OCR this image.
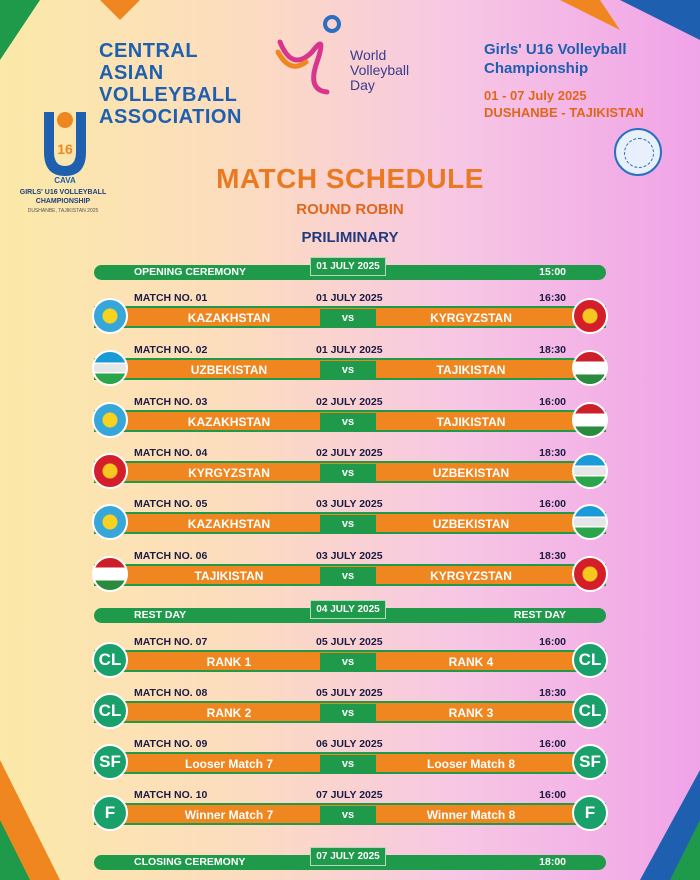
CENTRAL
ASIAN
VOLLEYBALL
ASSOCIATION
16
CAVA
GIRLS' U16 VOLLEYBALL
CHAMPIONSHIP
DUSHANBE, TAJIKISTAN 2025
World
Volleyball
Day
Girls' U16 Volleyball
Championship
01 - 07 July 2025
DUSHANBE - TAJIKISTAN
MATCH SCHEDULE
ROUND ROBIN
PRILIMINARY
OPENING CEREMONY	01 JULY 2025	15:00
MATCH NO. 01	01 JULY 2025	16:30
KAZAKHSTAN	vs	KYRGYZSTAN
MATCH NO. 02	01 JULY 2025	18:30
UZBEKISTAN	vs	TAJIKISTAN
MATCH NO. 03	02 JULY 2025	16:00
KAZAKHSTAN	vs	TAJIKISTAN
MATCH NO. 04	02 JULY 2025	18:30
KYRGYZSTAN	vs	UZBEKISTAN
MATCH NO. 05	03 JULY 2025	16:00
KAZAKHSTAN	vs	UZBEKISTAN
MATCH NO. 06	03 JULY 2025	18:30
TAJIKISTAN	vs	KYRGYZSTAN
MATCH NO. 07	05 JULY 2025	16:00
RANK 1	vs	RANK 4
CL	CL
MATCH NO. 08	05 JULY 2025	18:30
RANK 2	vs	RANK 3
CL	CL
MATCH NO. 09	06 JULY 2025	16:00
Looser Match 7	vs	Looser Match 8
SF	SF
MATCH NO. 10	07 JULY 2025	16:00
Winner Match 7	vs	Winner Match 8
F	F
REST DAY	04 JULY 2025	REST DAY
CLOSING CEREMONY	07 JULY 2025	18:00
